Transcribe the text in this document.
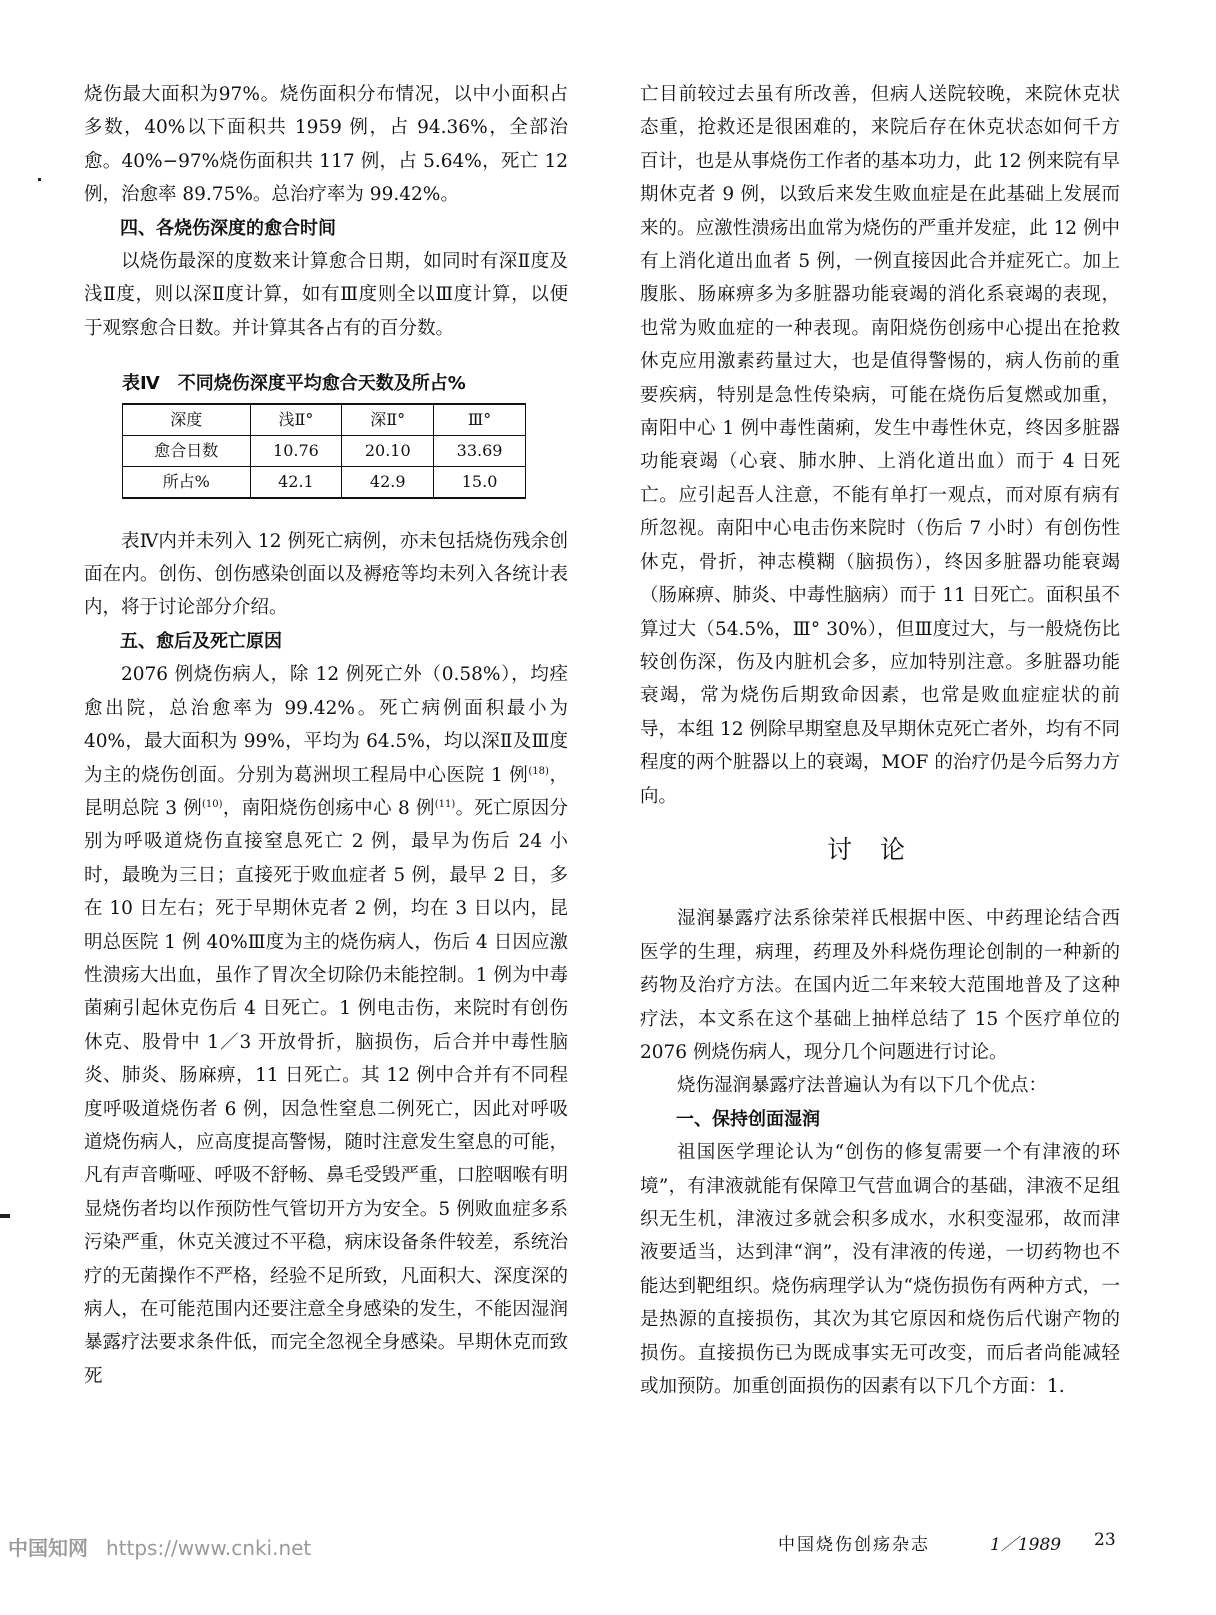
烧伤最大面积为97%。烧伤面积分布情况，以中小面积占多数，40%以下面积共 1959 例，占 94.36%，全部治愈。40%−97%烧伤面积共 117 例，占 5.64%，死亡 12 例，治愈率 89.75%。总治疗率为 99.42%。

四、各烧伤深度的愈合时间

以烧伤最深的度数来计算愈合日期，如同时有深Ⅱ度及浅Ⅱ度，则以深Ⅱ度计算，如有Ⅲ度则全以Ⅲ度计算，以便于观察愈合日数。并计算其各占有的百分数。

表Ⅳ　不同烧伤深度平均愈合天数及所占%
深度	浅Ⅱ°	深Ⅱ°	Ⅲ°
愈合日数	10.76	20.10	33.69
所占%	42.1	42.9	15.0

表Ⅳ内并未列入 12 例死亡病例，亦未包括烧伤残余创面在内。创伤、创伤感染创面以及褥疮等均未列入各统计表内，将于讨论部分介绍。

五、愈后及死亡原因

2076 例烧伤病人，除 12 例死亡外（0.58%），均痊愈出院，总治愈率为 99.42%。死亡病例面积最小为 40%，最大面积为 99%，平均为 64.5%，均以深Ⅱ及Ⅲ度为主的烧伤创面。分别为葛洲坝工程局中心医院 1 例$^{(18)}$，昆明总院 3 例$^{(10)}$，南阳烧伤创疡中心 8 例$^{(11)}$。死亡原因分别为呼吸道烧伤直接窒息死亡 2 例，最早为伤后 24 小时，最晚为三日；直接死于败血症者 5 例，最早 2 日，多在 10 日左右；死于早期休克者 2 例，均在 3 日以内，昆明总医院 1 例 40%Ⅲ度为主的烧伤病人，伤后 4 日因应激性溃疡大出血，虽作了胃次全切除仍未能控制。1 例为中毒菌痢引起休克伤后 4 日死亡。1 例电击伤，来院时有创伤休克、股骨中 1／3 开放骨折，脑损伤，后合并中毒性脑炎、肺炎、肠麻痹，11 日死亡。其 12 例中合并有不同程度呼吸道烧伤者 6 例，因急性窒息二例死亡，因此对呼吸道烧伤病人，应高度提高警惕，随时注意发生窒息的可能，凡有声音嘶哑、呼吸不舒畅、鼻毛受毁严重，口腔咽喉有明显烧伤者均以作预防性气管切开方为安全。5 例败血症多系污染严重，休克关渡过不平稳，病床设备条件较差，系统治疗的无菌操作不严格，经验不足所致，凡面积大、深度深的病人，在可能范围内还要注意全身感染的发生，不能因湿润暴露疗法要求条件低，而完全忽视全身感染。早期休克而致死

亡目前较过去虽有所改善，但病人送院较晚，来院休克状态重，抢救还是很困难的，来院后存在休克状态如何千方百计，也是从事烧伤工作者的基本功力，此 12 例来院有早期休克者 9 例，以致后来发生败血症是在此基础上发展而来的。应激性溃疡出血常为烧伤的严重并发症，此 12 例中有上消化道出血者 5 例，一例直接因此合并症死亡。加上腹胀、肠麻痹多为多脏器功能衰竭的消化系衰竭的表现，也常为败血症的一种表现。南阳烧伤创疡中心提出在抢救休克应用激素药量过大，也是值得警惕的，病人伤前的重要疾病，特别是急性传染病，可能在烧伤后复燃或加重，南阳中心 1 例中毒性菌痢，发生中毒性休克，终因多脏器功能衰竭（心衰、肺水肿、上消化道出血）而于 4 日死亡。应引起吾人注意，不能有单打一观点，而对原有病有所忽视。南阳中心电击伤来院时（伤后 7 小时）有创伤性休克，骨折，神志模糊（脑损伤），终因多脏器功能衰竭（肠麻痹、肺炎、中毒性脑病）而于 11 日死亡。面积虽不算过大（54.5%，Ⅲ° 30%），但Ⅲ度过大，与一般烧伤比较创伤深，伤及内脏机会多，应加特别注意。多脏器功能衰竭，常为烧伤后期致命因素，也常是败血症症状的前导，本组 12 例除早期窒息及早期休克死亡者外，均有不同程度的两个脏器以上的衰竭，MOF 的治疗仍是今后努力方向。

讨论

湿润暴露疗法系徐荣祥氏根据中医、中药理论结合西医学的生理，病理，药理及外科烧伤理论创制的一种新的药物及治疗方法。在国内近二年来较大范围地普及了这种疗法，本文系在这个基础上抽样总结了 15 个医疗单位的 2076 例烧伤病人，现分几个问题进行讨论。

烧伤湿润暴露疗法普遍认为有以下几个优点：

一、保持创面湿润

祖国医学理论认为“创伤的修复需要一个有津液的环境”，有津液就能有保障卫气营血调合的基础，津液不足组织无生机，津液过多就会积多成水，水积变湿邪，故而津液要适当，达到津“润”，没有津液的传递，一切药物也不能达到靶组织。烧伤病理学认为“烧伤损伤有两种方式，一是热源的直接损伤，其次为其它原因和烧伤后代谢产物的损伤。直接损伤已为既成事实无可改变，而后者尚能减轻或加预防。加重创面损伤的因素有以下几个方面：1.

中国烧伤创疡杂志	1／1989 23
中国知网 https://www.cnki.net
